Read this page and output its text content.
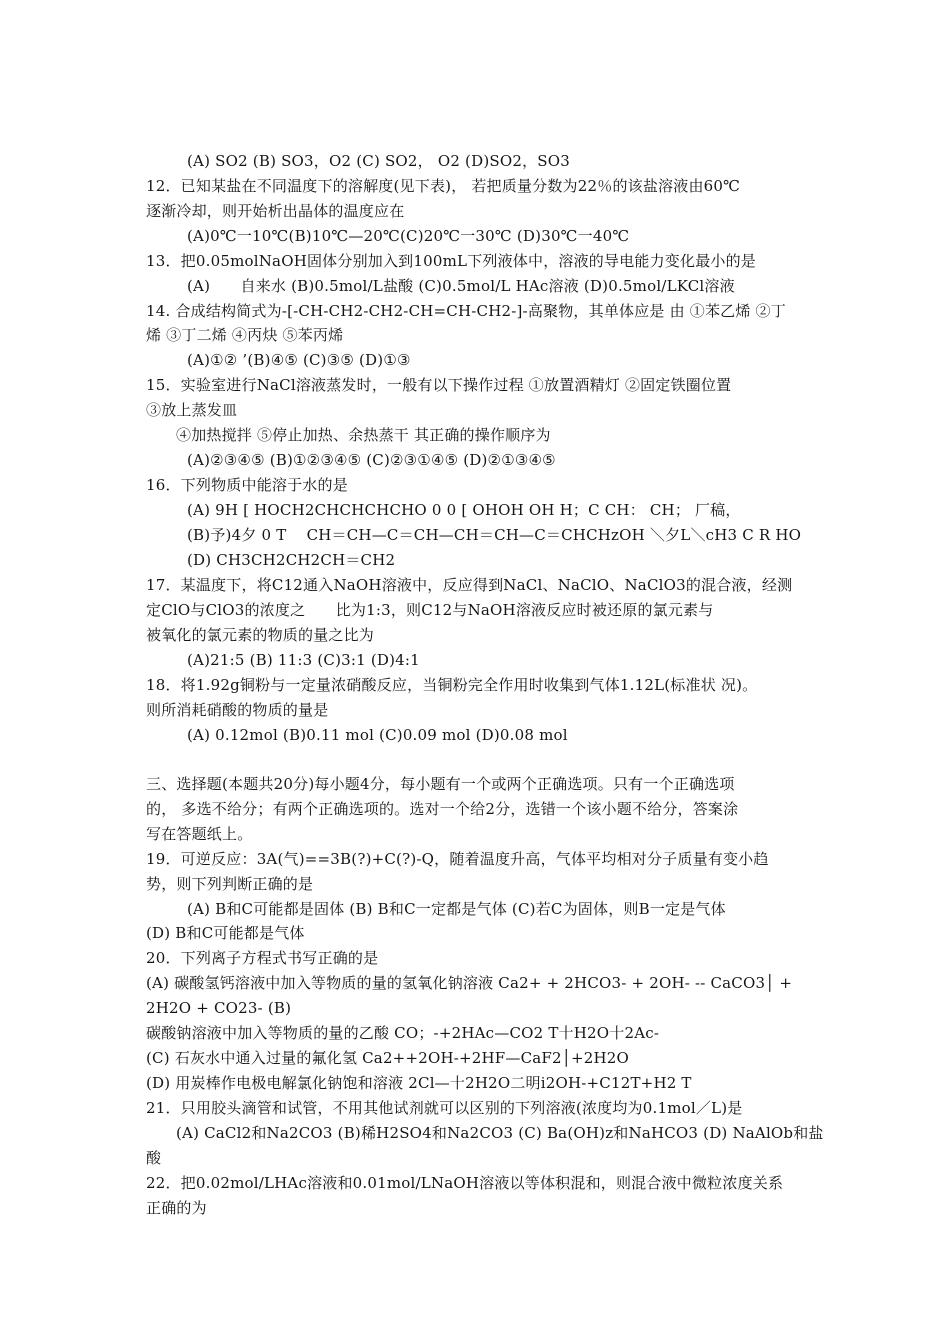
(A) SO2 (B) SO3，O2 (C) SO2， O2 (D)SO2，SO3
12．已知某盐在不同温度下的溶解度(见下表)， 若把质量分数为22％的该盐溶液由60℃
逐渐冷却，则开始析出晶体的温度应在
(A)0℃一10℃(B)10℃—20℃(C)20℃一30℃ (D)30℃一40℃
13．把0.05molNaOH固体分别加入到100mL下列液体中，溶液的导电能力变化最小的是
(A)　　自来水 (B)0.5mol/L盐酸 (C)0.5mol/L HAc溶液 (D)0.5mol/LKCl溶液
14. 合成结构简式为-[-CH-CH2-CH2-CH=CH-CH2-]-高聚物，其单体应是 由 ①苯乙烯 ②丁
烯 ③丁二烯 ④丙炔 ⑤苯丙烯
(A)①② ’(B)④⑤ (C)③⑤ (D)①③
15．实验室进行NaCl溶液蒸发时，一般有以下操作过程 ①放置酒精灯 ②固定铁圈位置
③放上蒸发皿
④加热搅拌 ⑤停止加热、余热蒸干 其正确的操作顺序为
(A)②③④⑤ (B)①②③④⑤ (C)②③①④⑤ (D)②①③④⑤
16．下列物质中能溶于水的是
(A) 9H [ HOCH2CHCHCHCHO 0 0 [ OHOH OH H；C CH： CH； 厂稿，
(B)予)4夕 0 T　 CH＝CH—C＝CH—CH＝CH—C＝CHCHzOH ＼夕L＼cH3 C R HO
(D) CH3CH2CH2CH＝CH2
17．某温度下，将C12通入NaOH溶液中，反应得到NaCl、NaClO、NaClO3的混合液，经测
定ClO与ClO3的浓度之　　比为1:3，则C12与NaOH溶液反应时被还原的氯元素与
被氧化的氯元素的物质的量之比为
(A)21:5 (B) 11:3 (C)3:1 (D)4:1
18．将1.92g铜粉与一定量浓硝酸反应，当铜粉完全作用时收集到气体1.12L(标准状 况)。
则所消耗硝酸的物质的量是
(A) 0.12mol (B)0.11 mol (C)0.09 mol (D)0.08 mol
三、选择题(本题共20分)每小题4分，每小题有一个或两个正确选项。只有一个正确选项
的， 多选不给分；有两个正确选项的。选对一个给2分，选错一个该小题不给分，答案涂
写在答题纸上。
19．可逆反应：3A(气)==3B(?)+C(?)-Q，随着温度升高，气体平均相对分子质量有变小趋
势，则下列判断正确的是
(A) B和C可能都是固体 (B) B和C一定都是气体 (C)若C为固体，则B一定是气体
(D) B和C可能都是气体
20．下列离子方程式书写正确的是
(A) 碳酸氢钙溶液中加入等物质的量的氢氧化钠溶液 Ca2+ + 2HCO3- + 2OH- -- CaCO3│ +
2H2O + CO23- (B)
碳酸钠溶液中加入等物质的量的乙酸 CO；-+2HAc—CO2 T十H2O十2Ac-
(C) 石灰水中通入过量的氟化氢 Ca2++2OH-+2HF—CaF2│+2H2O
(D) 用炭棒作电极电解氯化钠饱和溶液 2Cl—十2H2O二明i2OH-+C12T+H2 T
21．只用胶头滴管和试管，不用其他试剂就可以区别的下列溶液(浓度均为0.1mol／L)是
(A) CaCl2和Na2CO3 (B)稀H2SO4和Na2CO3 (C) Ba(OH)z和NaHCO3 (D) NaAlOb和盐
酸
22．把0.02mol/LHAc溶液和0.01mol/LNaOH溶液以等体积混和，则混合液中微粒浓度关系
正确的为
